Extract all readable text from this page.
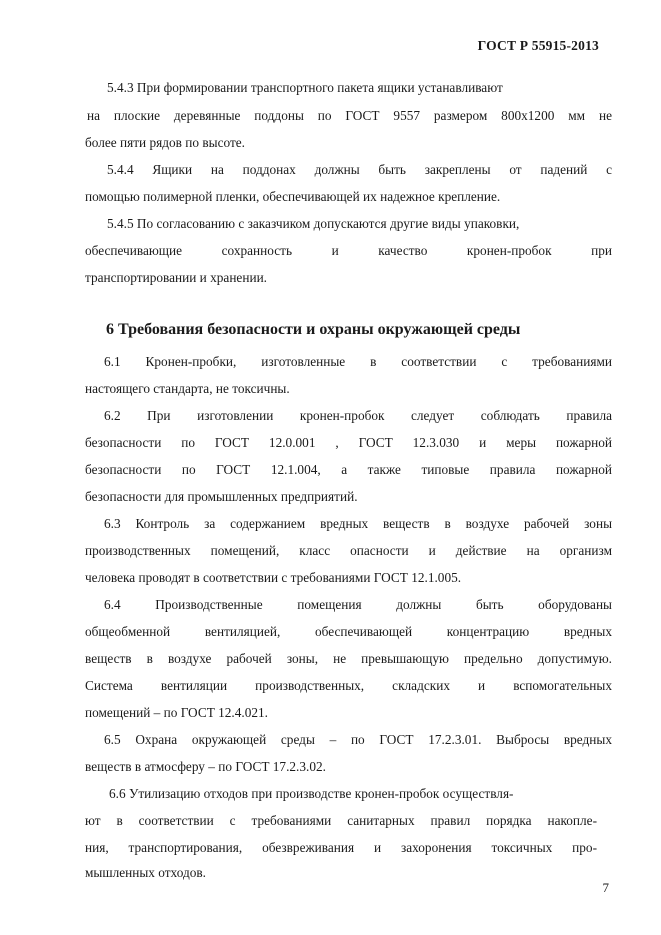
ГОСТ Р 55915-2013
5.4.3 При формировании транспортного пакета ящики устанавливают
на плоские деревянные поддоны по ГОСТ 9557 размером 800х1200 мм не
более пяти рядов по высоте.
5.4.4 Ящики на поддонах должны быть закреплены от падений с
помощью полимерной пленки, обеспечивающей их надежное крепление.
5.4.5 По согласованию с заказчиком допускаются другие виды упаковки,
обеспечивающие сохранность и качество кронен-пробок при
транспортировании и хранении.
6 Требования безопасности и охраны окружающей среды
6.1 Кронен-пробки, изготовленные в соответствии с требованиями
настоящего стандарта, не токсичны.
6.2 При изготовлении кронен-пробок следует соблюдать правила
безопасности по ГОСТ 12.0.001 , ГОСТ 12.3.030 и меры пожарной
безопасности по ГОСТ 12.1.004, а также типовые правила пожарной
безопасности для промышленных предприятий.
6.3 Контроль за содержанием вредных веществ в воздухе рабочей зоны
производственных помещений, класс опасности и действие на организм
человека проводят в соответствии с требованиями ГОСТ 12.1.005.
6.4 Производственные помещения должны быть оборудованы
общеобменной вентиляцией, обеспечивающей концентрацию вредных
веществ в воздухе рабочей зоны, не превышающую предельно допустимую.
Система вентиляции производственных, складских и вспомогательных
помещений – по ГОСТ 12.4.021.
6.5 Охрана окружающей среды – по ГОСТ 17.2.3.01. Выбросы вредных
веществ в атмосферу – по ГОСТ 17.2.3.02.
6.6 Утилизацию отходов при производстве кронен-пробок осуществля-
ют в соответствии с требованиями санитарных правил порядка накопле-
ния, транспортирования, обезвреживания и захоронения токсичных про-
мышленных отходов.
7
